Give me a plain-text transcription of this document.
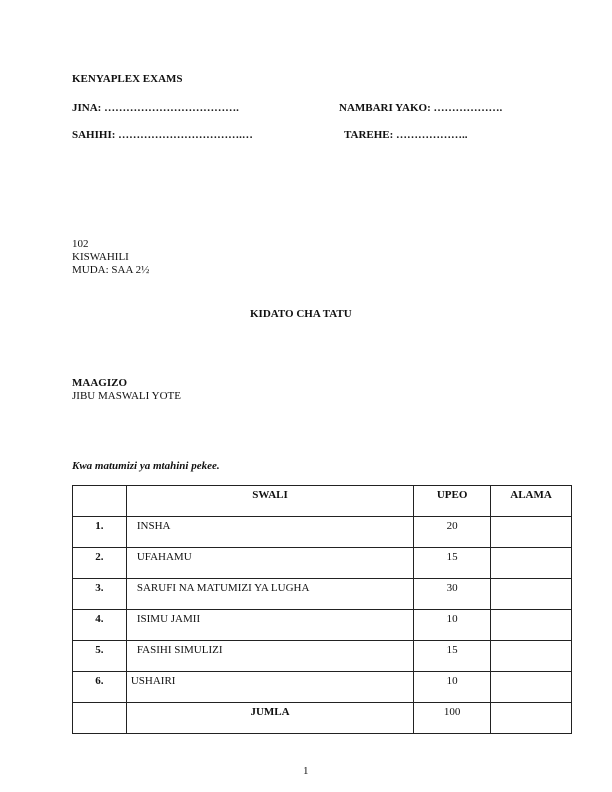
KENYAPLEX EXAMS
JINA: ……………………………….	NAMBARI YAKO: ……………….
SAHIHI: …………………………….…	TAREHE: ………………..
102
KISWAHILI
MUDA: SAA 2½
KIDATO CHA TATU
MAAGIZO
JIBU MASWALI YOTE
Kwa matumizi ya mtahini pekee.
	SWALI	UPEO	ALAMA
1.	INSHA	20	
2.	UFAHAMU	15	
3.	SARUFI NA MATUMIZI YA LUGHA	30	
4.	ISIMU JAMII	10	
5.	FASIHI SIMULIZI	15	
6.	USHAIRI	10	
	JUMLA	100	
1
